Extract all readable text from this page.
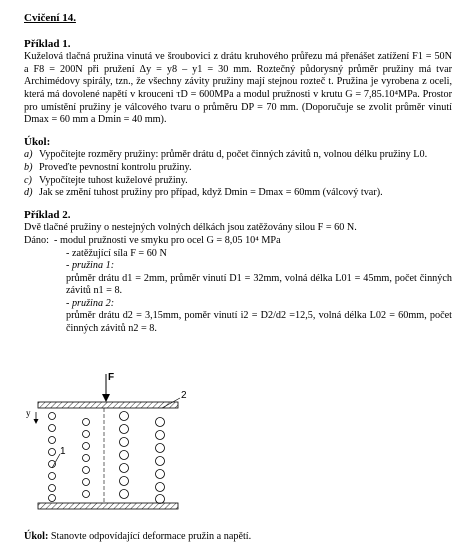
Cvičení 14.
Příklad 1.

Kuželová tlačná pružina vinutá ve šroubovici z drátu kruhového průřezu má přenášet zatížení F1 = 50N a F8 = 200N při pružení Δy = y8 – y1 = 30 mm. Roztečný půdorysný průměr pružiny má tvar Archimédovy spirály, tzn., že všechny závity pružiny mají stejnou rozteč t. Pružina je vyrobena z oceli, která má dovolené napětí v krouceni τD = 600MPa a modul pružnosti v krutu G = 7,85.10⁴MPa. Prostor pro umístění pružiny je válcového tvaru o průměru DP = 70 mm. (Doporučuje se zvolit průměr vinutí Dmax = 60 mm a Dmin = 40 mm).

Úkol:
a) Vypočítejte rozměry pružiny: průměr drátu d, počet činných závitů n, volnou délku pružiny L0.
b) Proveďte pevnostní kontrolu pružiny.
c) Vypočítejte tuhost kuželové pružiny.
d) Jak se změní tuhost pružiny pro případ, když Dmin = Dmax = 60mm (válcový tvar).
Příklad 2.

Dvě tlačné pružiny o nestejných volných délkách jsou zatěžovány silou F = 60 N.

Dáno: - modul pružnosti ve smyku pro ocel G = 8,05 10⁴ MPa
- zatěžující síla F = 60 N
- pružina 1:
průměr drátu d1 = 2mm, průměr vinutí D1 = 32mm, volná délka L01 = 45mm, počet činných závitů n1 = 8.
- pružina 2:
průměr drátu d2 = 3,15mm, poměr vinutí i2 = D2/d2 =12,5, volná délka L02 = 60mm, počet činných závitů n2 = 8.
F
y
1
2
Úkol: Stanovte odpovídající deformace pružin a napětí.
